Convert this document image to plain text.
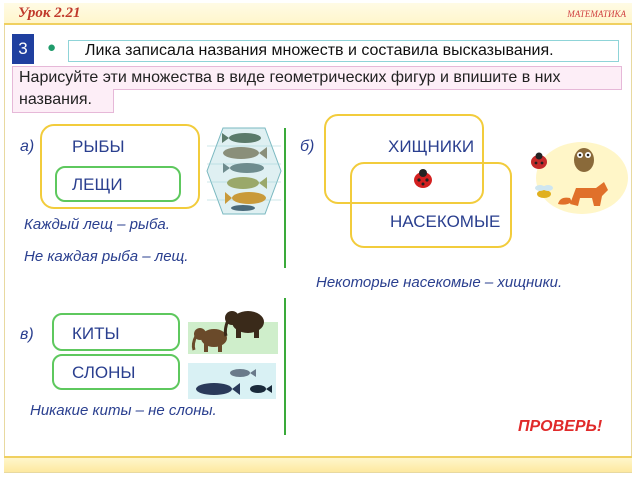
Урок 2.21	МАТЕМАТИКА
3	●	Лика записала названия множеств и составила высказывания.
Нарисуйте эти множества в виде геометрических фигур и впишите в них
названия.
а) РЫБЫ
ЛЕЩИ
Каждый лещ – рыба.
Не каждая рыба – лещ.
б)	ХИЩНИКИ
НАСЕКОМЫЕ
Некоторые насекомые – хищники.
в) КИТЫ
СЛОНЫ
Никакие киты – не слоны.
ПРОВЕРЬ!
